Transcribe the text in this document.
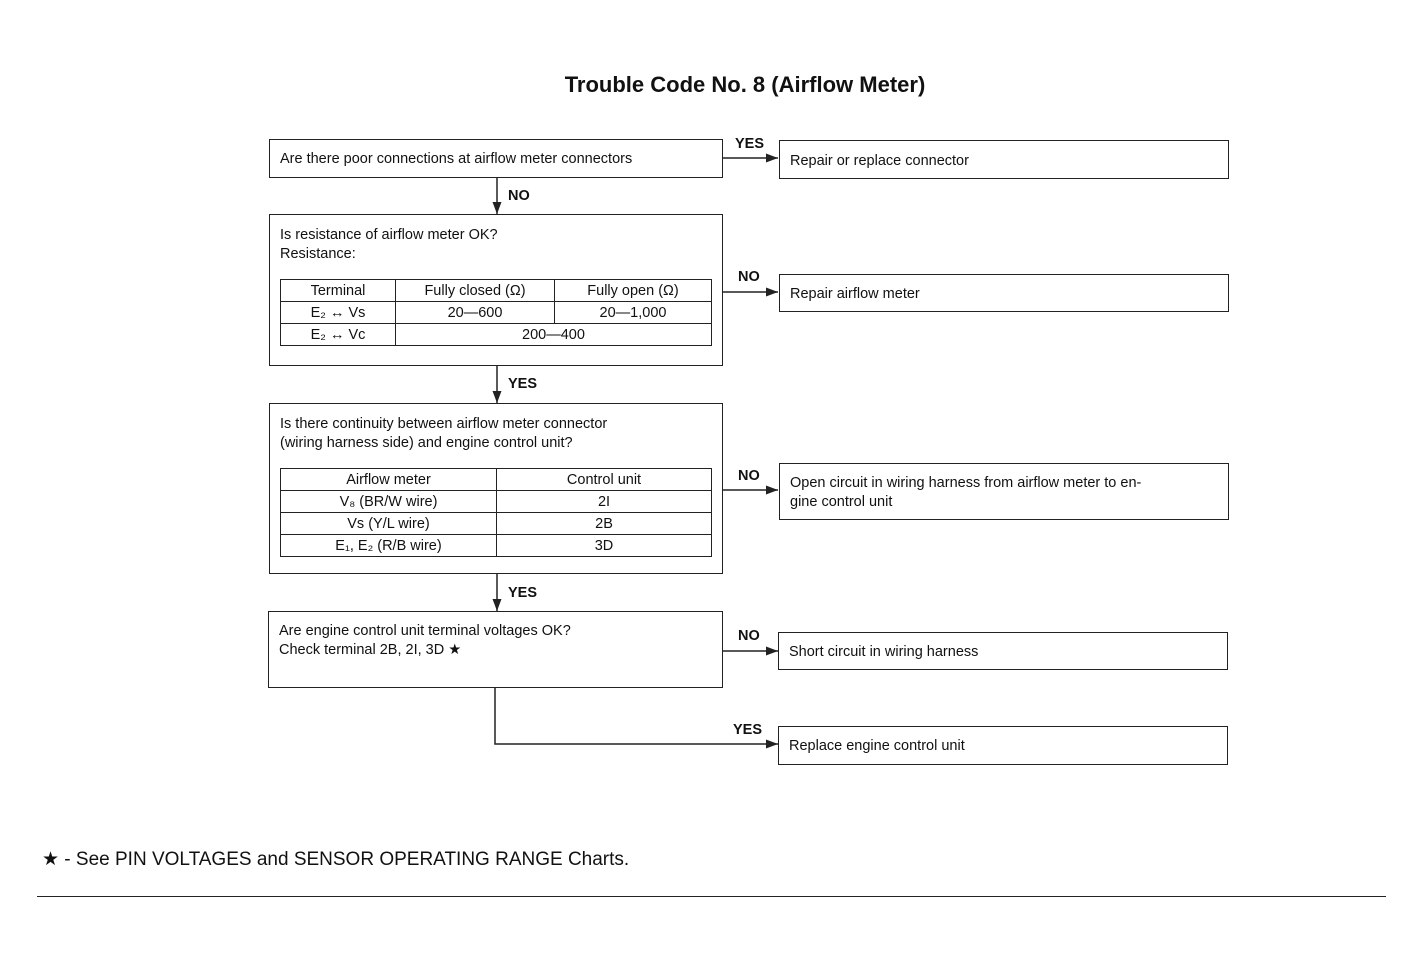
Trouble Code No. 8 (Airflow Meter)
Are there poor connections at airflow meter connectors
YES
Repair or replace connector
NO
Is resistance of airflow meter OK?
Resistance:
Terminal	Fully closed (Ω)	Fully open (Ω)
E₂ ↔ Vs	20—600	20—1,000
E₂ ↔ Vc	200—400	
NO
Repair airflow meter
YES
Is there continuity between airflow meter connector
(wiring harness side) and engine control unit?
Airflow meter	Control unit
V₈ (BR/W wire)	2I
Vs (Y/L wire)	2B
E₁, E₂ (R/B wire)	3D
NO	Open circuit in wiring harness from airflow meter to en-
gine control unit
YES
Are engine control unit terminal voltages OK?
Check terminal 2B, 2I, 3D ★
NO
Short circuit in wiring harness
YES
Replace engine control unit
★ - See PIN VOLTAGES and SENSOR OPERATING RANGE Charts.
